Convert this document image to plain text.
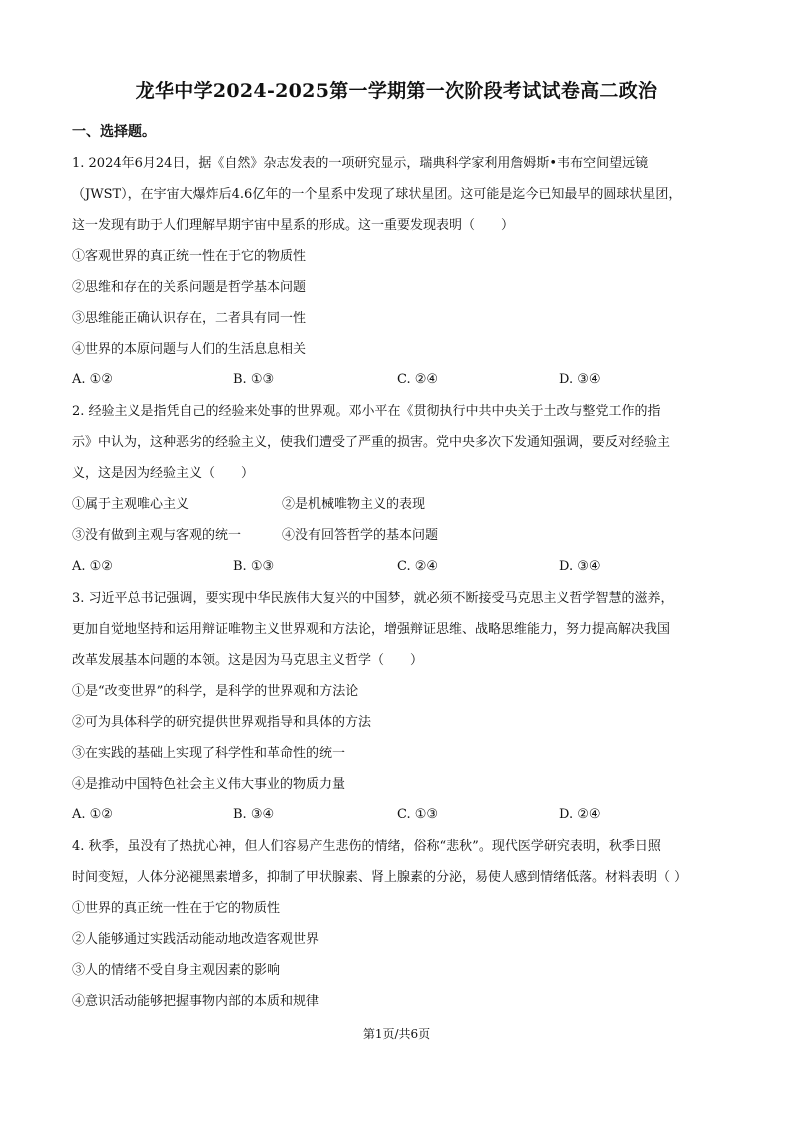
龙华中学2024-2025第一学期第一次阶段考试试卷高二政治
一、选择题。
1. 2024年6月24日，据《自然》杂志发表的一项研究显示，瑞典科学家利用詹姆斯•韦布空间望远镜
（JWST），在宇宙大爆炸后4.6亿年的一个星系中发现了球状星团。这可能是迄今已知最早的圆球状星团，
这一发现有助于人们理解早期宇宙中星系的形成。这一重要发现表明（　　）
①客观世界的真正统一性在于它的物质性
②思维和存在的关系问题是哲学基本问题
③思维能正确认识存在，二者具有同一性
④世界的本原问题与人们的生活息息相关
A. ①②	B. ①③	C. ②④	D. ③④
2. 经验主义是指凭自己的经验来处事的世界观。邓小平在《贯彻执行中共中央关于土改与整党工作的指
示》中认为，这种恶劣的经验主义，使我们遭受了严重的损害。党中央多次下发通知强调，要反对经验主
义，这是因为经验主义（　　）
①属于主观唯心主义	②是机械唯物主义的表现
③没有做到主观与客观的统一	④没有回答哲学的基本问题
A. ①②	B. ①③	C. ②④	D. ③④
3. 习近平总书记强调，要实现中华民族伟大复兴的中国梦，就必须不断接受马克思主义哲学智慧的滋养，
更加自觉地坚持和运用辩证唯物主义世界观和方法论，增强辩证思维、战略思维能力，努力提高解决我国
改革发展基本问题的本领。这是因为马克思主义哲学（　　）
①是“改变世界”的科学，是科学的世界观和方法论
②可为具体科学的研究提供世界观指导和具体的方法
③在实践的基础上实现了科学性和革命性的统一
④是推动中国特色社会主义伟大事业的物质力量
A. ①②	B. ③④	C. ①③	D. ②④
4. 秋季，虽没有了热扰心神，但人们容易产生悲伤的情绪，俗称“悲秋”。现代医学研究表明，秋季日照
时间变短，人体分泌褪黑素增多，抑制了甲状腺素、肾上腺素的分泌，易使人感到情绪低落。材料表明（ ）
①世界的真正统一性在于它的物质性
②人能够通过实践活动能动地改造客观世界
③人的情绪不受自身主观因素的影响
④意识活动能够把握事物内部的本质和规律
第1页/共6页
